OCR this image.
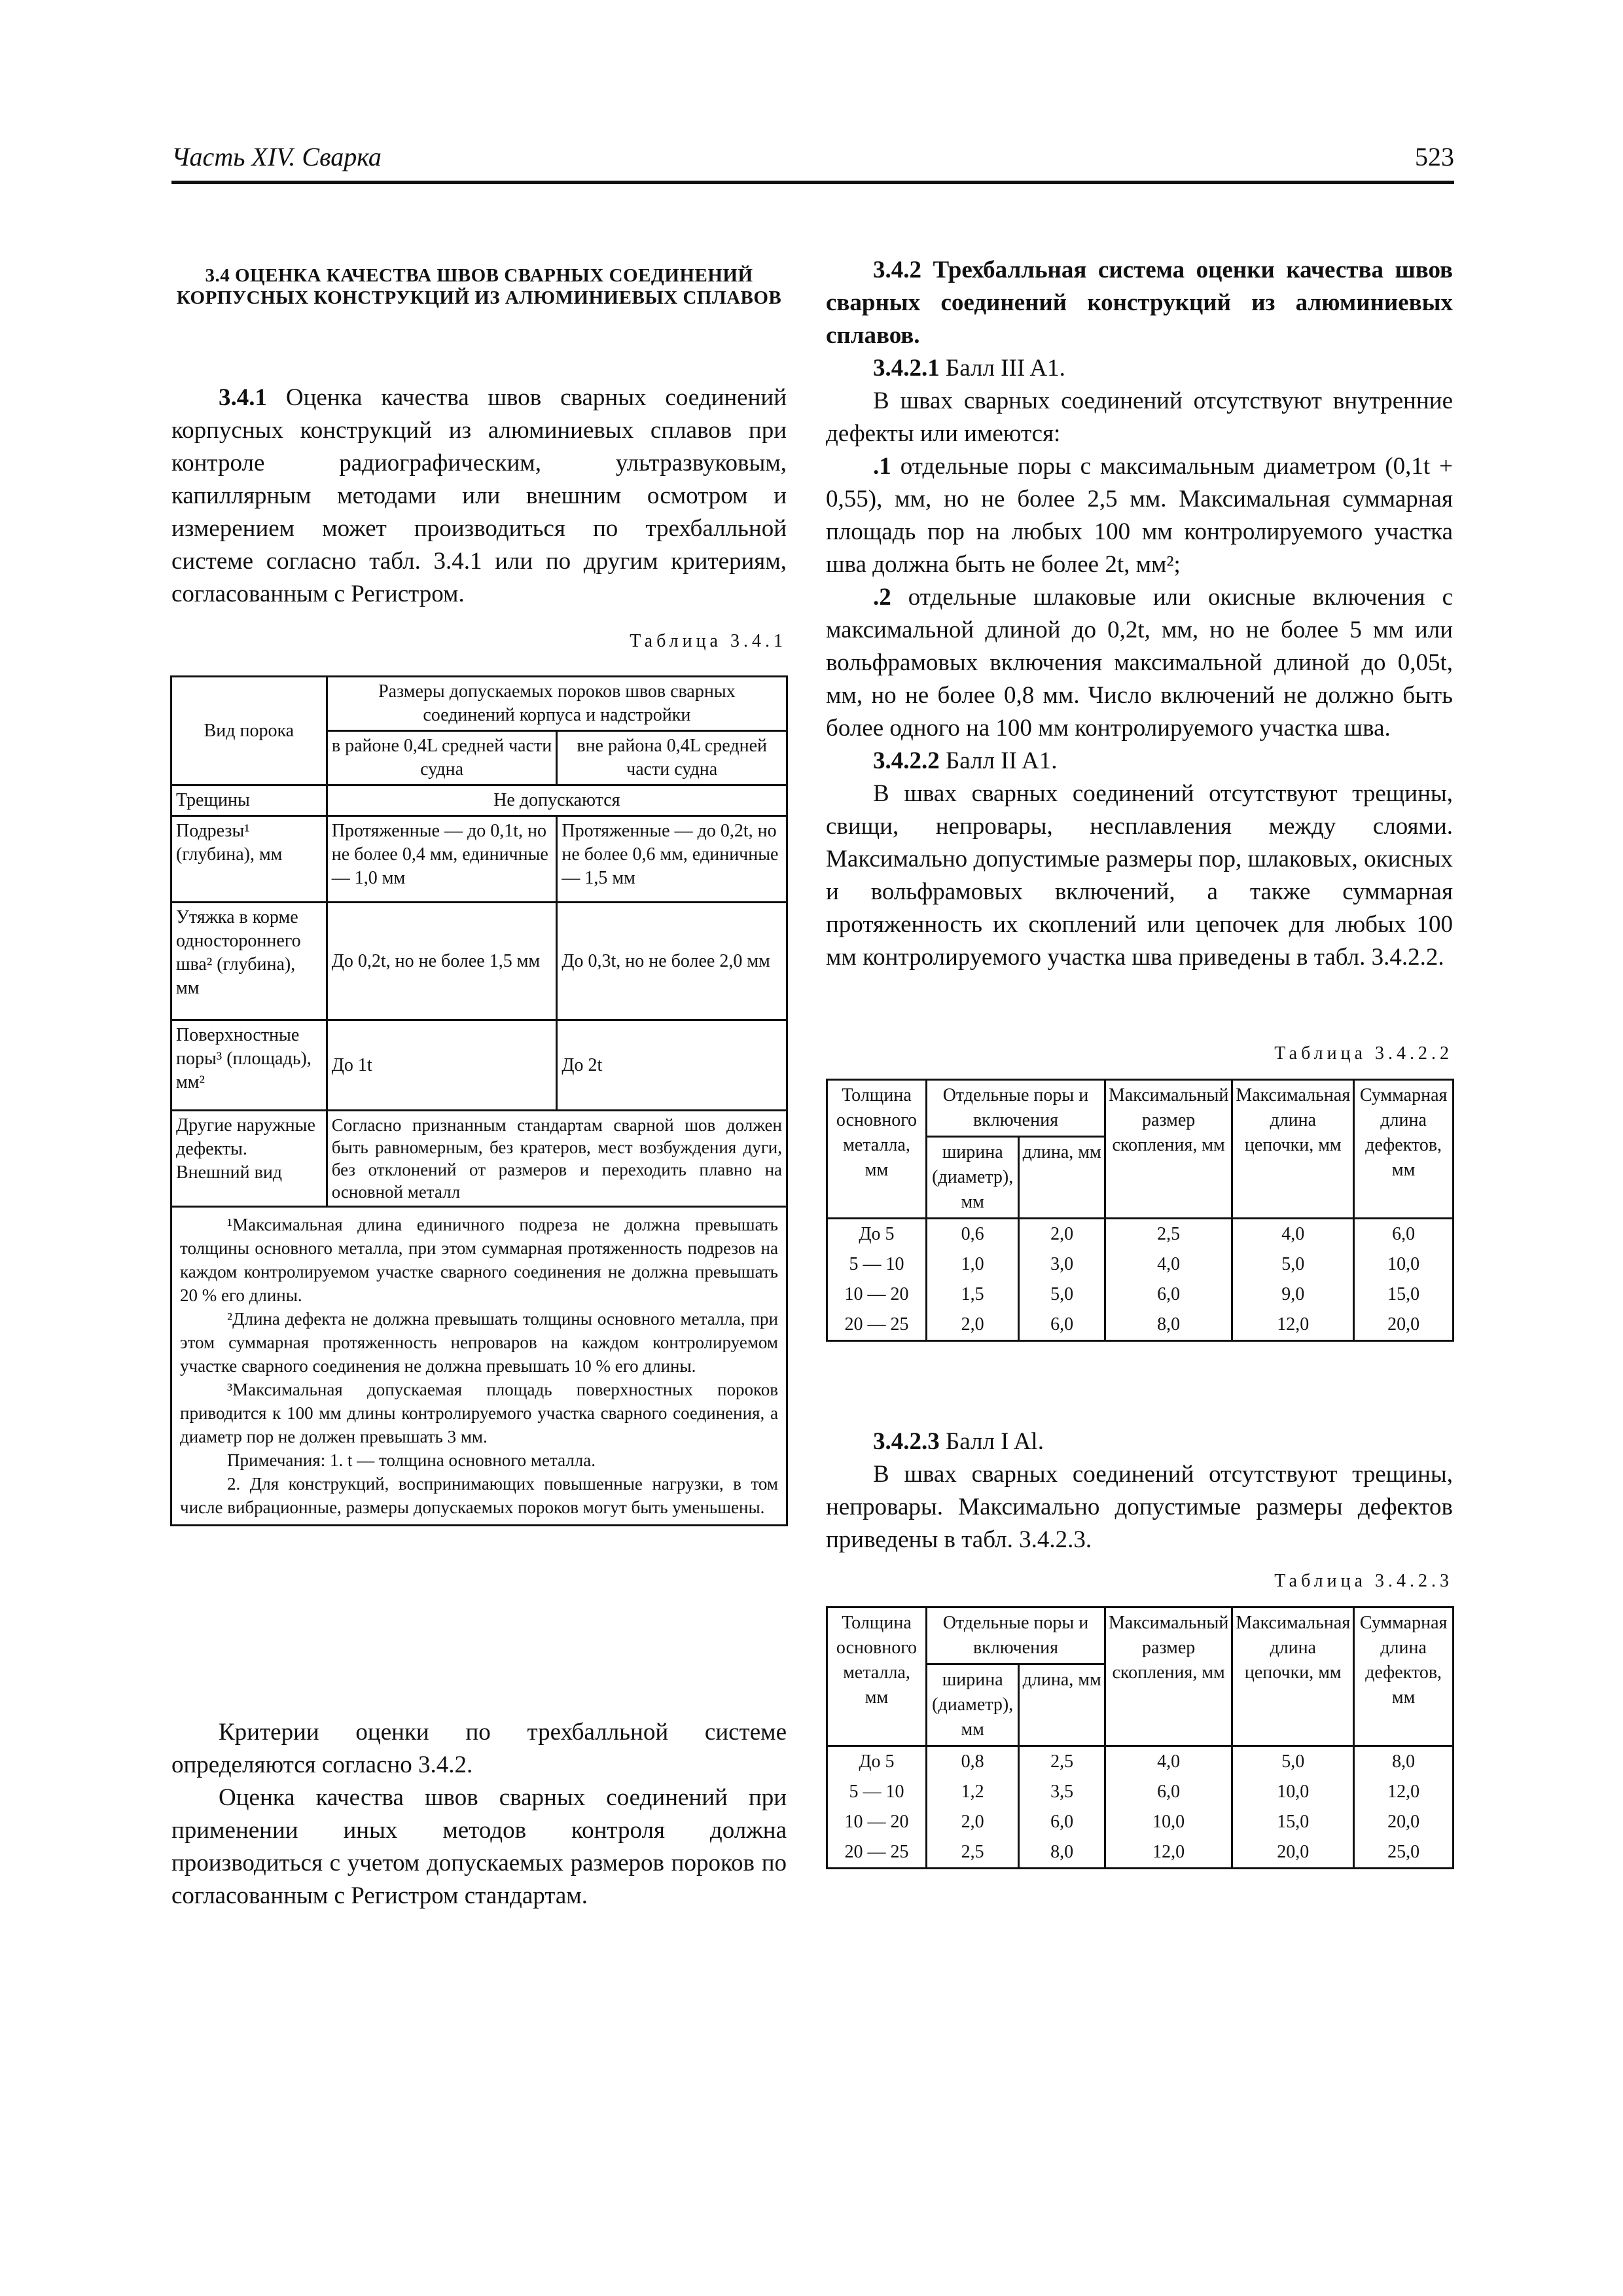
Часть XIV. Сварка	523
3.4 ОЦЕНКА КАЧЕСТВА ШВОВ СВАРНЫХ СОЕДИНЕНИЙ КОРПУСНЫХ КОНСТРУКЦИЙ ИЗ АЛЮМИНИЕВЫХ СПЛАВОВ

3.4.1 Оценка качества швов сварных соединений корпусных конструкций из алюминиевых сплавов при контроле радиографическим, ультразвуковым, капиллярным методами или внешним осмотром и измерением может производиться по трехбалльной системе согласно табл. 3.4.1 или по другим критериям, согласованным с Регистром.

Таблица 3.4.1
Вид порока	Размеры допускаемых пороков швов сварных соединений корпуса и надстройки	
	в районе 0,4L средней части судна	вне района 0,4L средней части судна
Трещины	Не допускаются	
Подрезы¹ (глубина), мм	Протяженные — до 0,1t, но не более 0,4 мм, единичные — 1,0 мм	Протяженные — до 0,2t, но не более 0,6 мм, единичные — 1,5 мм
Утяжка в корме одностороннего шва² (глубина), мм	До 0,2t, но не более 1,5 мм	До 0,3t, но не более 2,0 мм
Поверхностные поры³ (площадь), мм²	До 1t	До 2t
Другие наружные дефекты. Внешний вид	Согласно признанным стандартам сварной шов должен быть равномерным, без кратеров, мест возбуждения дуги, без отклонений от размеров и переходить плавно на основной металл	

¹Максимальная длина единичного подреза не должна превышать толщины основного металла, при этом суммарная протяженность подрезов на каждом контролируемом участке сварного соединения не должна превышать 20 % его длины.

²Длина дефекта не должна превышать толщины основного металла, при этом суммарная протяженность непроваров на каждом контролируемом участке сварного соединения не должна превышать 10 % его длины.

³Максимальная допускаемая площадь поверхностных пороков приводится к 100 мм длины контролируемого участка сварного соединения, а диаметр пор не должен превышать 3 мм.

Примечания: 1. t — толщина основного металла.

2. Для конструкций, воспринимающих повышенные нагрузки, в том числе вибрационные, размеры допускаемых пороков могут быть уменьшены.		

Критерии оценки по трехбалльной системе определяются согласно 3.4.2.

Оценка качества швов сварных соединений при применении иных методов контроля должна производиться с учетом допускаемых размеров пороков по согласованным с Регистром стандартам.

3.4.2 Трехбалльная система оценки качества швов сварных соединений конструкций из алюминиевых сплавов.

3.4.2.1 Балл III A1.

В швах сварных соединений отсутствуют внутренние дефекты или имеются:

.1 отдельные поры с максимальным диаметром (0,1t + 0,55), мм, но не более 2,5 мм. Максимальная суммарная площадь пор на любых 100 мм контролируемого участка шва должна быть не более 2t, мм²;

.2 отдельные шлаковые или окисные включения с максимальной длиной до 0,2t, мм, но не более 5 мм или вольфрамовых включения максимальной длиной до 0,05t, мм, но не более 0,8 мм. Число включений не должно быть более одного на 100 мм контролируемого участка шва.

3.4.2.2 Балл II A1.

В швах сварных соединений отсутствуют трещины, свищи, непровары, несплавления между слоями. Максимально допустимые размеры пор, шлаковых, окисных и вольфрамовых включений, а также суммарная протяженность их скоплений или цепочек для любых 100 мм контролируемого участка шва приведены в табл. 3.4.2.2.

Таблица 3.4.2.2
Толщина основного металла, мм	Отдельные поры и включения		Максимальный размер скопления, мм	Максимальная длина цепочки, мм	Суммарная длина дефектов, мм
	ширина (диаметр), мм	длина, мм			
До 5	0,6	2,0	2,5	4,0	6,0
5 — 10	1,0	3,0	4,0	5,0	10,0
10 — 20	1,5	5,0	6,0	9,0	15,0
20 — 25	2,0	6,0	8,0	12,0	20,0

3.4.2.3 Балл I Al.

В швах сварных соединений отсутствуют трещины, непровары. Максимально допустимые размеры дефектов приведены в табл. 3.4.2.3.

Таблица 3.4.2.3
Толщина основного металла, мм	Отдельные поры и включения		Максимальный размер скопления, мм	Максимальная длина цепочки, мм	Суммарная длина дефектов, мм
	ширина (диаметр), мм	длина, мм			
До 5	0,8	2,5	4,0	5,0	8,0
5 — 10	1,2	3,5	6,0	10,0	12,0
10 — 20	2,0	6,0	10,0	15,0	20,0
20 — 25	2,5	8,0	12,0	20,0	25,0
